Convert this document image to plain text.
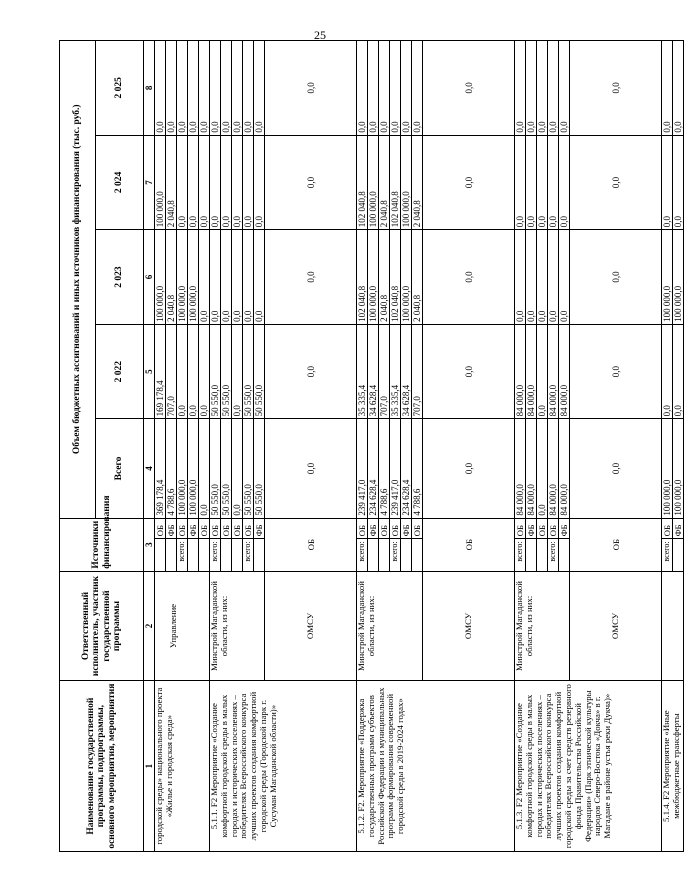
25
Наименование государственной программы, подпрограммы, основного мероприятия, мероприятия	Ответственный исполнитель, участник государственной программы	Источники финансирования		Объем бюджетных ассигнований и иных источников финансирования (тыс. руб.)				
				Всего	2 022	2 023	2 024	2 025

1	2	3		4	5	6	7	8
городской среды» национального проекта «Жилье и городская среда»	Управление		ОБ	369 178,4	169 178,4	100 000,0	100 000,0	0,0
			ФБ	4 788,6	707,0	2 040,8	2 040,8	0,0
		всего:	ОБ	100 000,0	0,0	100 000,0	0,0	0,0
			ФБ	100 000,0	0,0	100 000,0	0,0	0,0
			ОБ	0,0	0,0	0,0	0,0	0,0
5.1.1. F2 Мероприятие «Создание комфортной городской среды в малых городах и исторических поселениях – победителях Всероссийского конкурса лучших проектов создания комфортной городской среды (Городской парк г. Сусуман Магаданской области)»	Минстрой Магаданской области, из них:	всего:	ОБ	50 550,0	50 550,0	0,0	0,0	0,0
			ОБ	50 550,0	50 550,0	0,0	0,0	0,0
			ОБ	0,0	0,0	0,0	0,0	0,0
		всего:	ОБ	50 550,0	50 550,0	0,0	0,0	0,0
			ФБ	50 550,0	50 550,0	0,0	0,0	0,0
	ОМСУ	ОБ		0,0	0,0	0,0	0,0	0,0
5.1.2. F2. Мероприятие «Поддержка государственных программ субъектов Российской Федерации и муниципальных программ формирования современной городской среды в 2019-2024 годах»	Минстрой Магаданской области, из них:	всего:	ОБ	239 417,0	35 335,4	102 040,8	102 040,8	0,0
			ФБ	234 628,4	34 628,4	100 000,0	100 000,0	0,0
			ОБ	4 788,6	707,0	2 040,8	2 040,8	0,0
		всего:	ОБ	239 417,0	35 335,4	102 040,8	102 040,8	0,0
			ФБ	234 628,4	34 628,4	100 000,0	100 000,0	0,0
			ОБ	4 788,6	707,0	2 040,8	2 040,8	0,0
	ОМСУ	ОБ		0,0	0,0	0,0	0,0	0,0
5.1.3. F2 Мероприятие «Создание комфортной городской среды в малых городах и исторических поселениях – победителях Всероссийского конкурса лучших проектов создания комфортной городской среды за счет средств резервного фонда Правительства Российской Федерации» (Парк этнической культуры народов Северо-Востока «Докча» в г. Магадане в районе устья реки Дукча)»	Минстрой Магаданской области, из них:	всего:	ОБ	84 000,0	84 000,0	0,0	0,0	0,0
			ФБ	84 000,0	84 000,0	0,0	0,0	0,0
			ОБ	0,0	0,0	0,0	0,0	0,0
		всего:	ОБ	84 000,0	84 000,0	0,0	0,0	0,0
			ФБ	84 000,0	84 000,0	0,0	0,0	0,0
	ОМСУ	ОБ		0,0	0,0	0,0	0,0	0,0
5.1.4. F2 Мероприятие «Иные межбюджетные трансферты		всего:	ОБ	100 000,0	0,0	100 000,0	0,0	0,0
			ФБ	100 000,0	0,0	100 000,0	0,0	0,0
